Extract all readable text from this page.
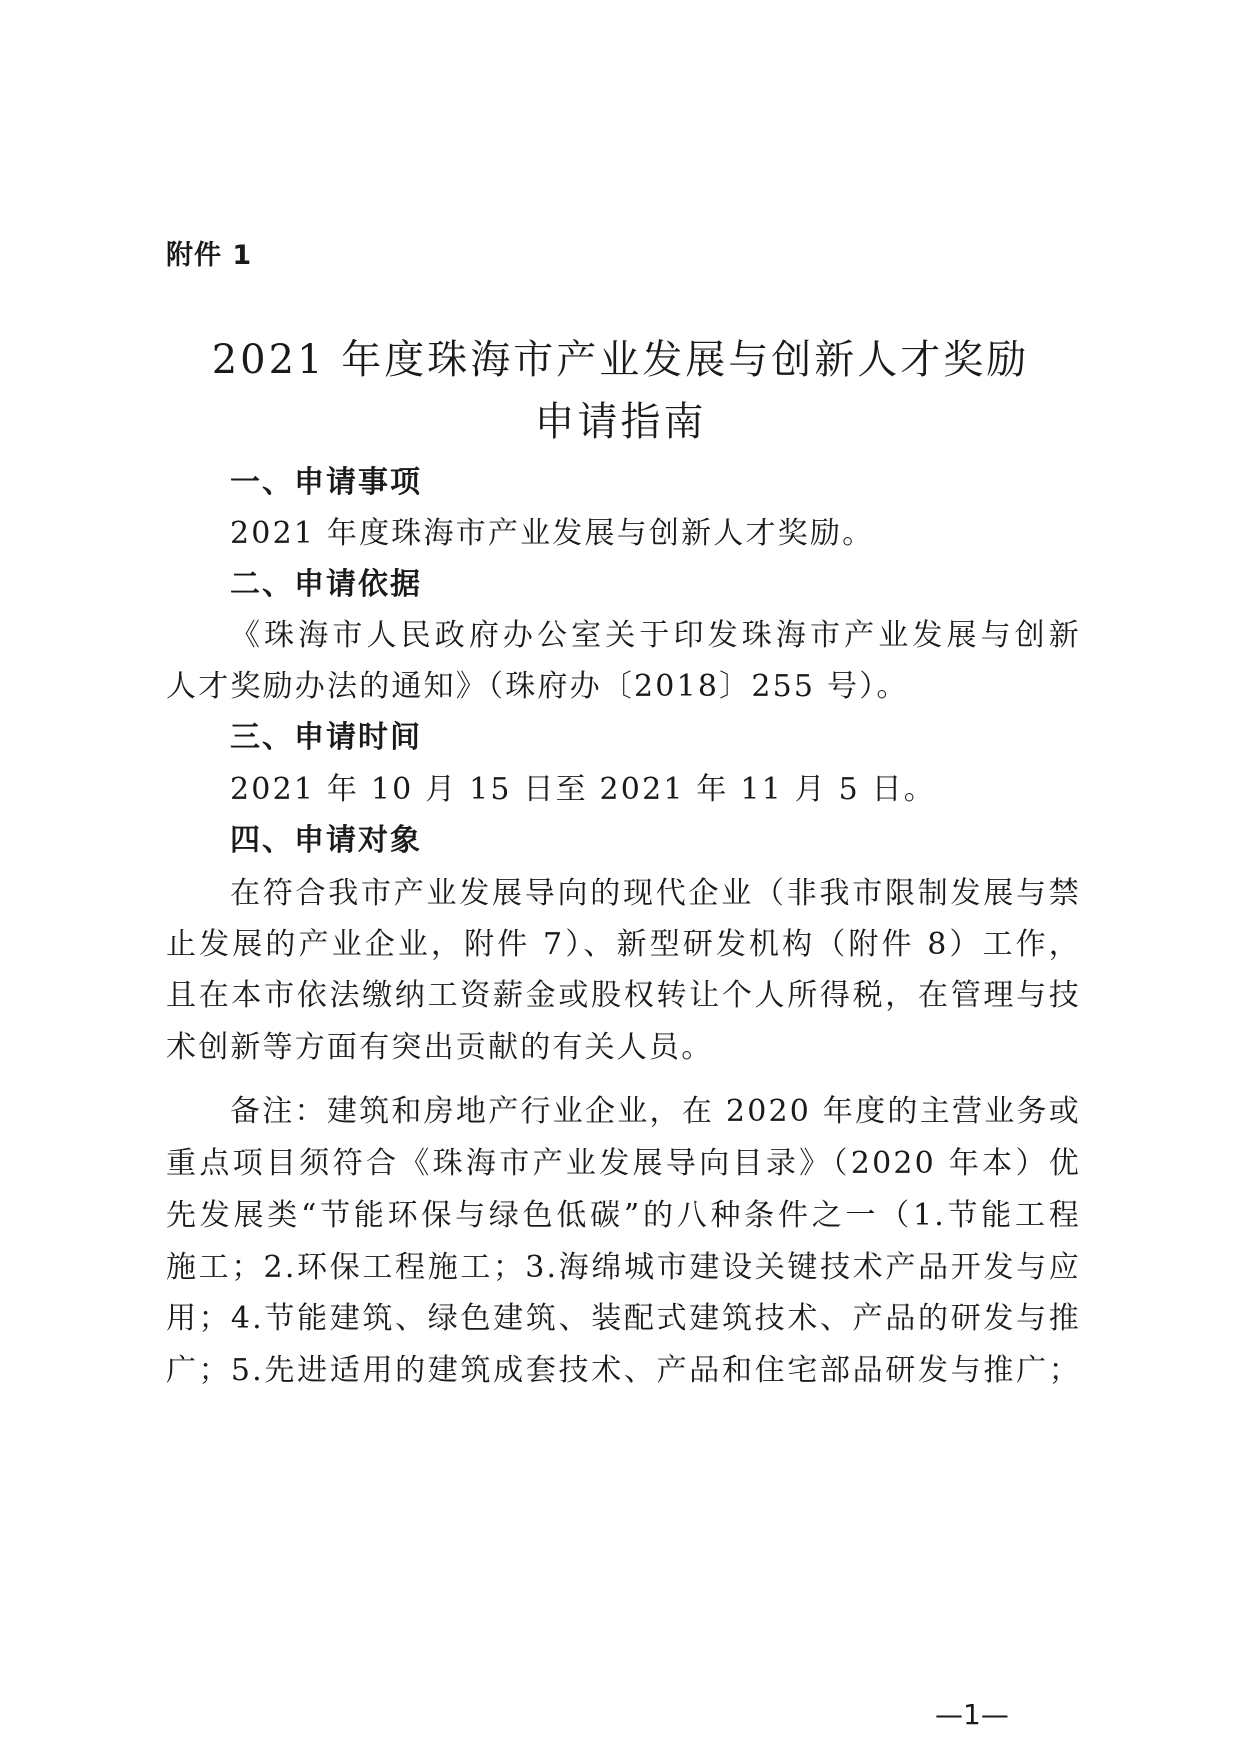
附件 1
2021 年度珠海市产业发展与创新人才奖励
申请指南
一、申请事项
2021 年度珠海市产业发展与创新人才奖励。
二、申请依据
《珠海市人民政府办公室关于印发珠海市产业发展与创新
人才奖励办法的通知》（珠府办〔2018〕255 号）。
三、申请时间
2021 年 10 月 15 日至 2021 年 11 月 5 日。
四、申请对象
在符合我市产业发展导向的现代企业（非我市限制发展与禁
止发展的产业企业，附件 7）、新型研发机构（附件 8）工作，
且在本市依法缴纳工资薪金或股权转让个人所得税，在管理与技
术创新等方面有突出贡献的有关人员。
备注：建筑和房地产行业企业，在 2020 年度的主营业务或
重点项目须符合《珠海市产业发展导向目录》（2020 年本）优
先发展类“节能环保与绿色低碳”的八种条件之一（1.节能工程
施工；2.环保工程施工；3.海绵城市建设关键技术产品开发与应
用；4.节能建筑、绿色建筑、装配式建筑技术、产品的研发与推
广；5.先进适用的建筑成套技术、产品和住宅部品研发与推广；
—1—
